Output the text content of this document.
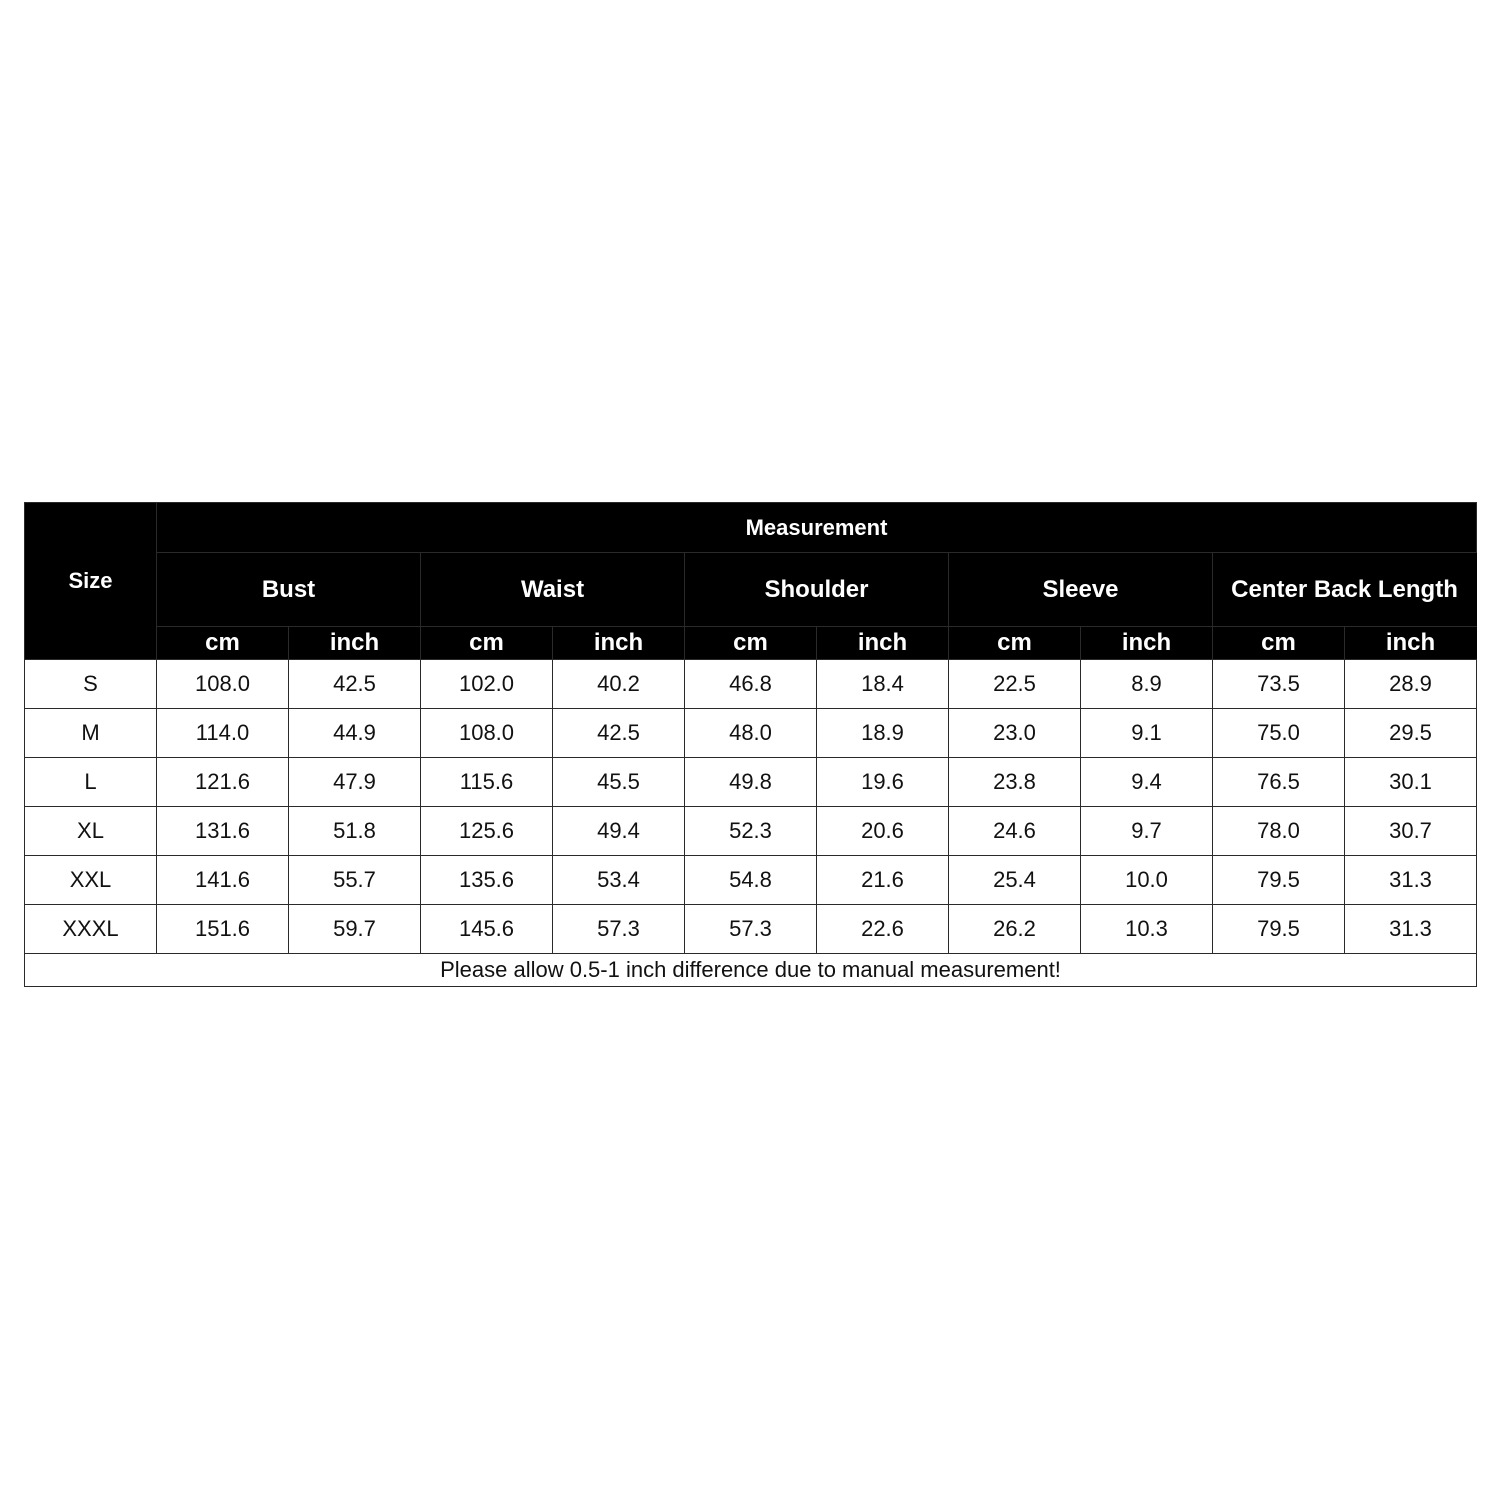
Size	Measurement									
	Bust		Waist		Shoulder		Sleeve		Center Back Length	
	cm	inch	cm	inch	cm	inch	cm	inch	cm	inch
S	108.0	42.5	102.0	40.2	46.8	18.4	22.5	8.9	73.5	28.9
M	114.0	44.9	108.0	42.5	48.0	18.9	23.0	9.1	75.0	29.5
L	121.6	47.9	115.6	45.5	49.8	19.6	23.8	9.4	76.5	30.1
XL	131.6	51.8	125.6	49.4	52.3	20.6	24.6	9.7	78.0	30.7
XXL	141.6	55.7	135.6	53.4	54.8	21.6	25.4	10.0	79.5	31.3
XXXL	151.6	59.7	145.6	57.3	57.3	22.6	26.2	10.3	79.5	31.3
Please allow 0.5-1 inch difference due to manual measurement!										
